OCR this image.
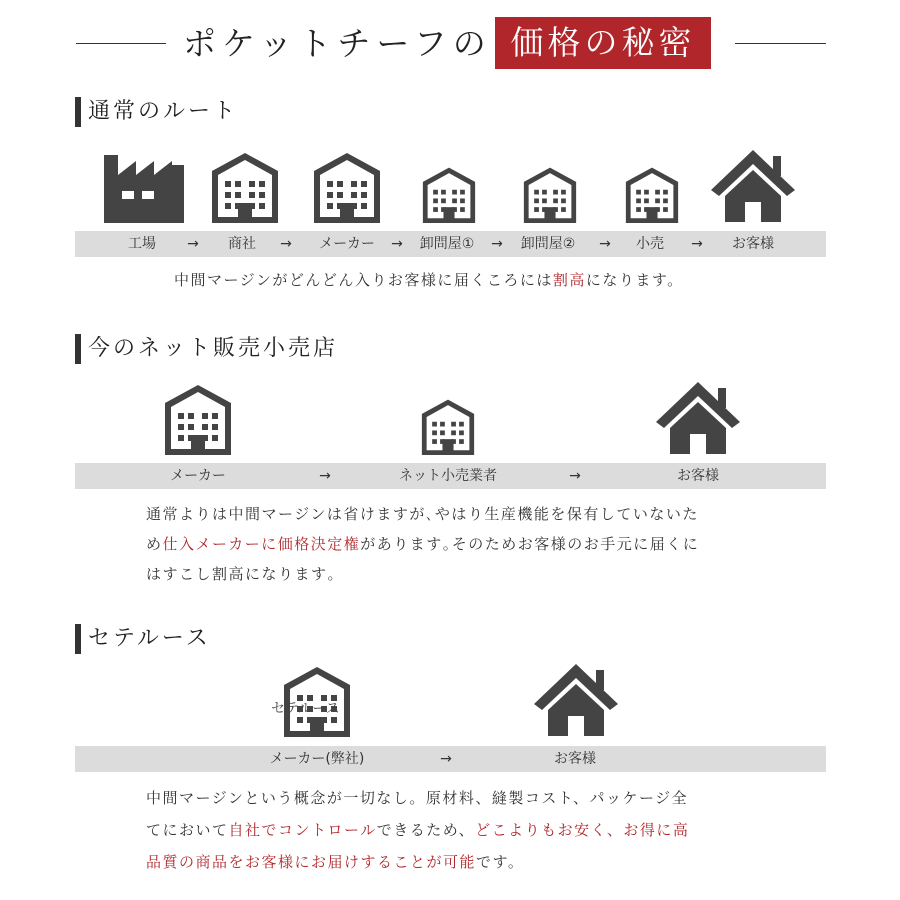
ポケットチーフの 価格の秘密
通常のルート
工場 → 商社 → メーカー → 卸問屋① → 卸問屋② → 小売 → お客様
中間マージンがどんどん入りお客様に届くころには割高になります。
今のネット販売小売店
メーカー	→	ネット小売業者	→	お客様
通常よりは中間マージンは省けますが､やはり生産機能を保有していないた
め仕入メーカーに価格決定権があります｡そのためお客様のお手元に届くに
はすこし割高になります｡
セテルース
セテルース
メーカー(弊社)	→	お客様
中間マージンという概念が一切なし。原材料、縫製コスト、パッケージ全
てにおいて自社でコントロールできるため、どこよりもお安く、お得に高
品質の商品をお客様にお届けすることが可能です。
